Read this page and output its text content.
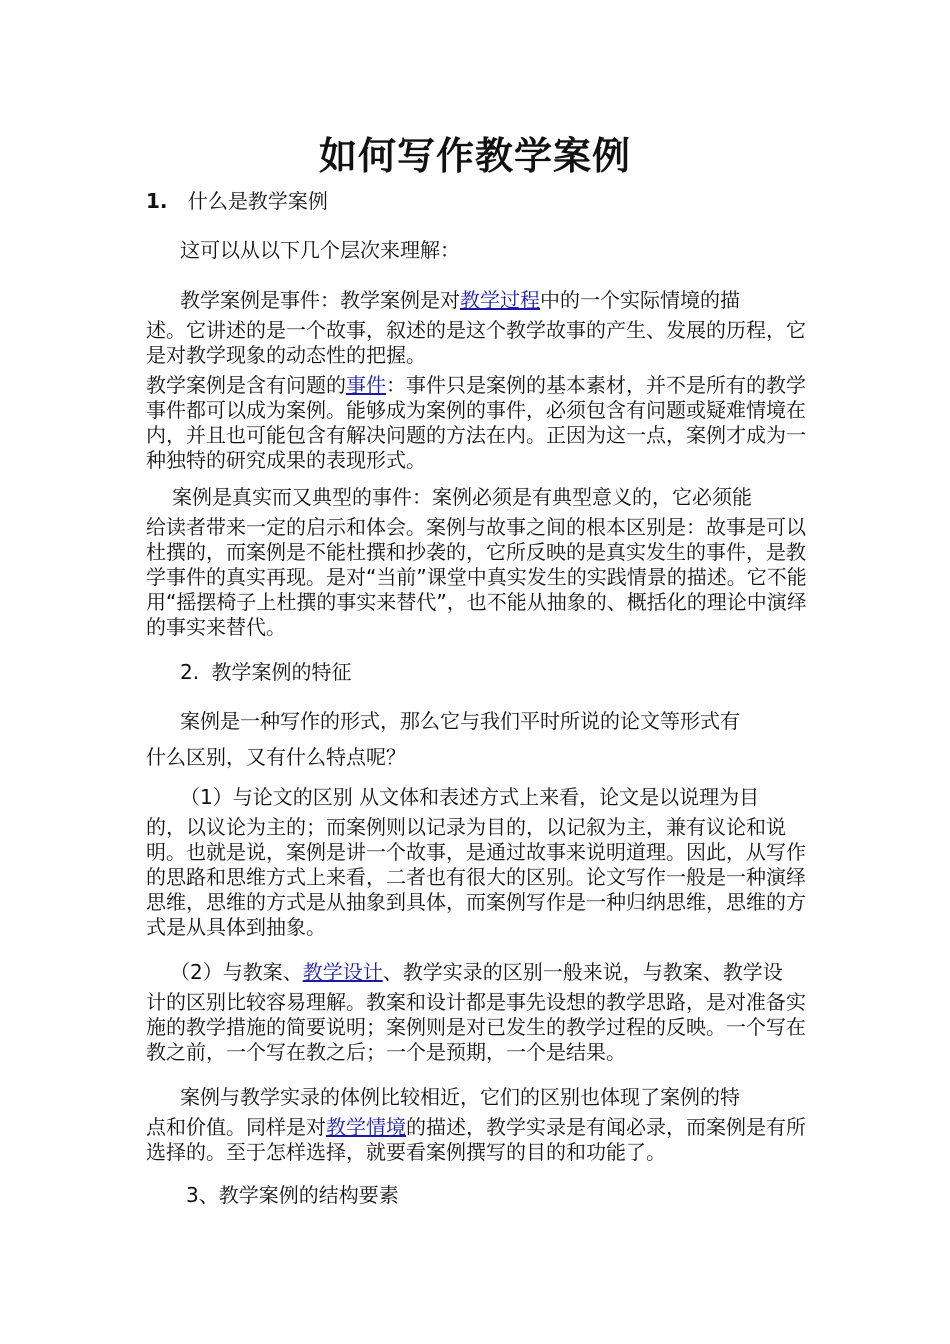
如何写作教学案例
1. 什么是教学案例
这可以从以下几个层次来理解：
教学案例是事件：教学案例是对教学过程中的一个实际情境的描
述。它讲述的是一个故事，叙述的是这个教学故事的产生、发展的历程，它是对教学现象的动态性的把握。
教学案例是含有问题的事件：事件只是案例的基本素材，并不是所有的教学事件都可以成为案例。能够成为案例的事件，必须包含有问题或疑难情境在内，并且也可能包含有解决问题的方法在内。正因为这一点，案例才成为一种独特的研究成果的表现形式。
案例是真实而又典型的事件：案例必须是有典型意义的，它必须能
给读者带来一定的启示和体会。案例与故事之间的根本区别是：故事是可以杜撰的，而案例是不能杜撰和抄袭的，它所反映的是真实发生的事件，是教学事件的真实再现。是对“当前”课堂中真实发生的实践情景的描述。它不能用“摇摆椅子上杜撰的事实来替代”，也不能从抽象的、概括化的理论中演绎的事实来替代。
2. 教学案例的特征
案例是一种写作的形式，那么它与我们平时所说的论文等形式有
什么区别，又有什么特点呢？
（1）与论文的区别 从文体和表述方式上来看，论文是以说理为目
的，以议论为主的；而案例则以记录为目的，以记叙为主，兼有议论和说明。也就是说，案例是讲一个故事，是通过故事来说明道理。因此，从写作的思路和思维方式上来看，二者也有很大的区别。论文写作一般是一种演绎思维，思维的方式是从抽象到具体，而案例写作是一种归纳思维，思维的方式是从具体到抽象。
（2）与教案、教学设计、教学实录的区别一般来说，与教案、教学设
计的区别比较容易理解。教案和设计都是事先设想的教学思路，是对准备实施的教学措施的简要说明；案例则是对已发生的教学过程的反映。一个写在教之前，一个写在教之后；一个是预期，一个是结果。
案例与教学实录的体例比较相近，它们的区别也体现了案例的特
点和价值。同样是对教学情境的描述，教学实录是有闻必录，而案例是有所选择的。至于怎样选择，就要看案例撰写的目的和功能了。
3、教学案例的结构要素
